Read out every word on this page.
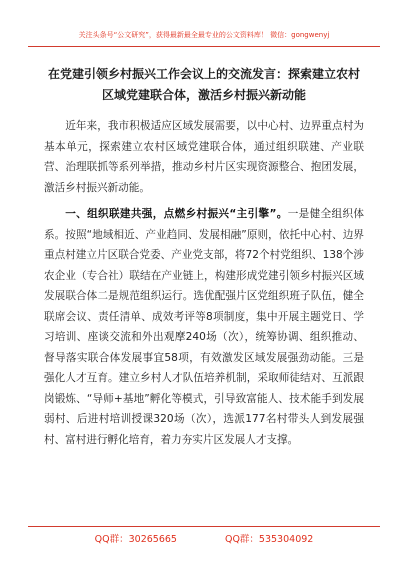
关注头条号“公文研究”，获得最新最全最专业的公文资料库！ 微信：gongwenyj
在党建引领乡村振兴工作会议上的交流发言：探索建立农村区域党建联合体，激活乡村振兴新动能

近年来，我市积极适应区域发展需要，以中心村、边界重点村为基本单元，探索建立农村区域党建联合体，通过组织联建、产业联营、治理联抓等系列举措，推动乡村片区实现资源整合、抱团发展，激活乡村振兴新动能。

一、组织联建共强，点燃乡村振兴“主引擎”。一是健全组织体系。按照“地域相近、产业趋同、发展相融”原则，依托中心村、边界重点村建立片区联合党委、产业党支部，将72个村党组织、138个涉农企业（专合社）联结在产业链上，构建形成党建引领乡村振兴区域发展联合体二是规范组织运行。选优配强片区党组织班子队伍，健全联席会议、责任清单、成效考评等8项制度，集中开展主题党日、学习培训、座谈交流和外出观摩240场（次），统筹协调、组织推动、督导落实联合体发展事宜58项，有效激发区域发展强劲动能。三是强化人才互育。建立乡村人才队伍培养机制，采取师徒结对、互派跟岗锻炼、“导师+基地”孵化等模式，引导致富能人、技术能手到发展弱村、后进村培训授课320场（次），选派177名村带头人到发展强村、富村进行孵化培育，着力夯实片区发展人才支撑。

QQ群：30265665	QQ群：535304092
